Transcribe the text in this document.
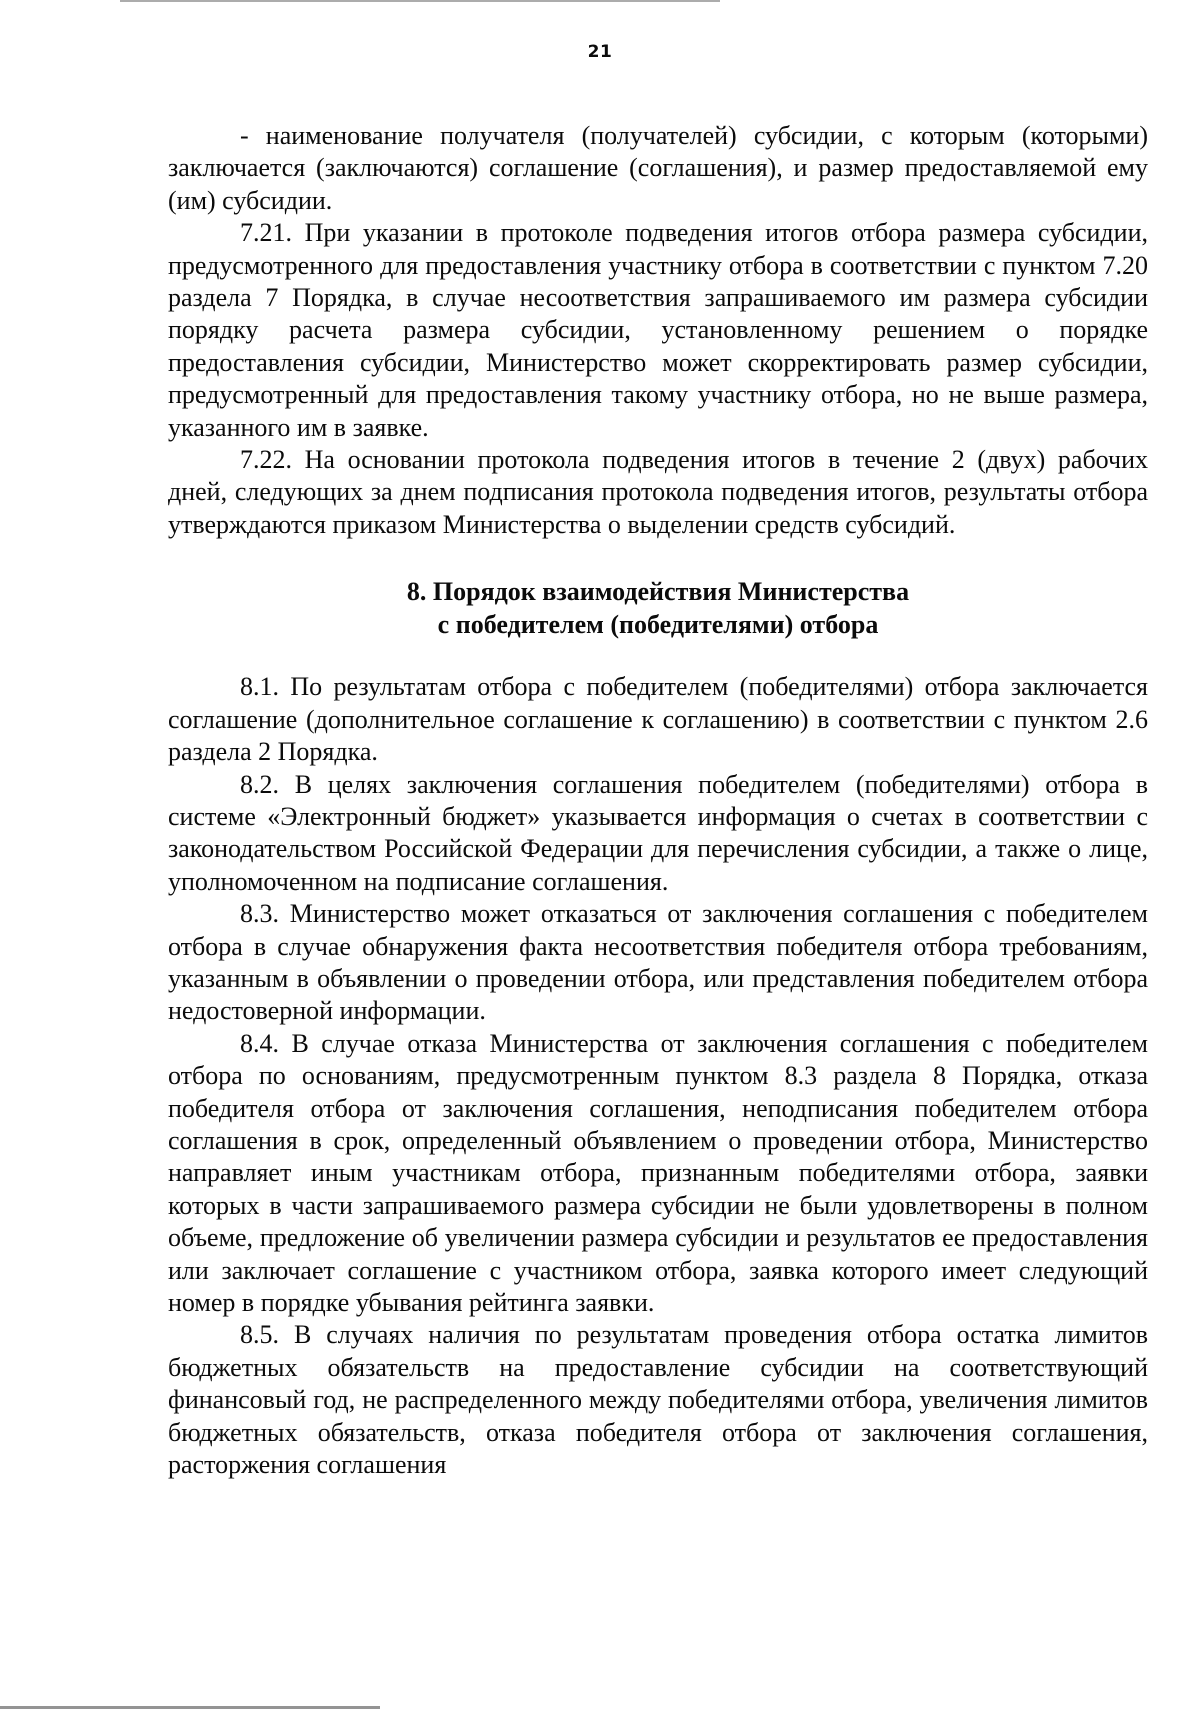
21

- наименование получателя (получателей) субсидии, с которым (которыми) заключается (заключаются) соглашение (соглашения), и размер предоставляемой ему (им) субсидии.

7.21. При указании в протоколе подведения итогов отбора размера субсидии, предусмотренного для предоставления участнику отбора в соответствии с пунктом 7.20 раздела 7 Порядка, в случае несоответствия запрашиваемого им размера субсидии порядку расчета размера субсидии, установленному решением о порядке предоставления субсидии, Министерство может скорректировать размер субсидии, предусмотренный для предоставления такому участнику отбора, но не выше размера, указанного им в заявке.

7.22. На основании протокола подведения итогов в течение 2 (двух) рабочих дней, следующих за днем подписания протокола подведения итогов, результаты отбора утверждаются приказом Министерства о выделении средств субсидий.

8. Порядок взаимодействия Министерства
с победителем (победителями) отбора

8.1. По результатам отбора с победителем (победителями) отбора заключается соглашение (дополнительное соглашение к соглашению) в соответствии с пунктом 2.6 раздела 2 Порядка.

8.2. В целях заключения соглашения победителем (победителями) отбора в системе «Электронный бюджет» указывается информация о счетах в соответствии с законодательством Российской Федерации для перечисления субсидии, а также о лице, уполномоченном на подписание соглашения.

8.3. Министерство может отказаться от заключения соглашения с победителем отбора в случае обнаружения факта несоответствия победителя отбора требованиям, указанным в объявлении о проведении отбора, или представления победителем отбора недостоверной информации.

8.4. В случае отказа Министерства от заключения соглашения с победителем отбора по основаниям, предусмотренным пунктом 8.3 раздела 8 Порядка, отказа победителя отбора от заключения соглашения, неподписания победителем отбора соглашения в срок, определенный объявлением о проведении отбора, Министерство направляет иным участникам отбора, признанным победителями отбора, заявки которых в части запрашиваемого размера субсидии не были удовлетворены в полном объеме, предложение об увеличении размера субсидии и результатов ее предоставления или заключает соглашение с участником отбора, заявка которого имеет следующий номер в порядке убывания рейтинга заявки.

8.5. В случаях наличия по результатам проведения отбора остатка лимитов бюджетных обязательств на предоставление субсидии на соответствующий финансовый год, не распределенного между победителями отбора, увеличения лимитов бюджетных обязательств, отказа победителя отбора от заключения соглашения, расторжения соглашения
